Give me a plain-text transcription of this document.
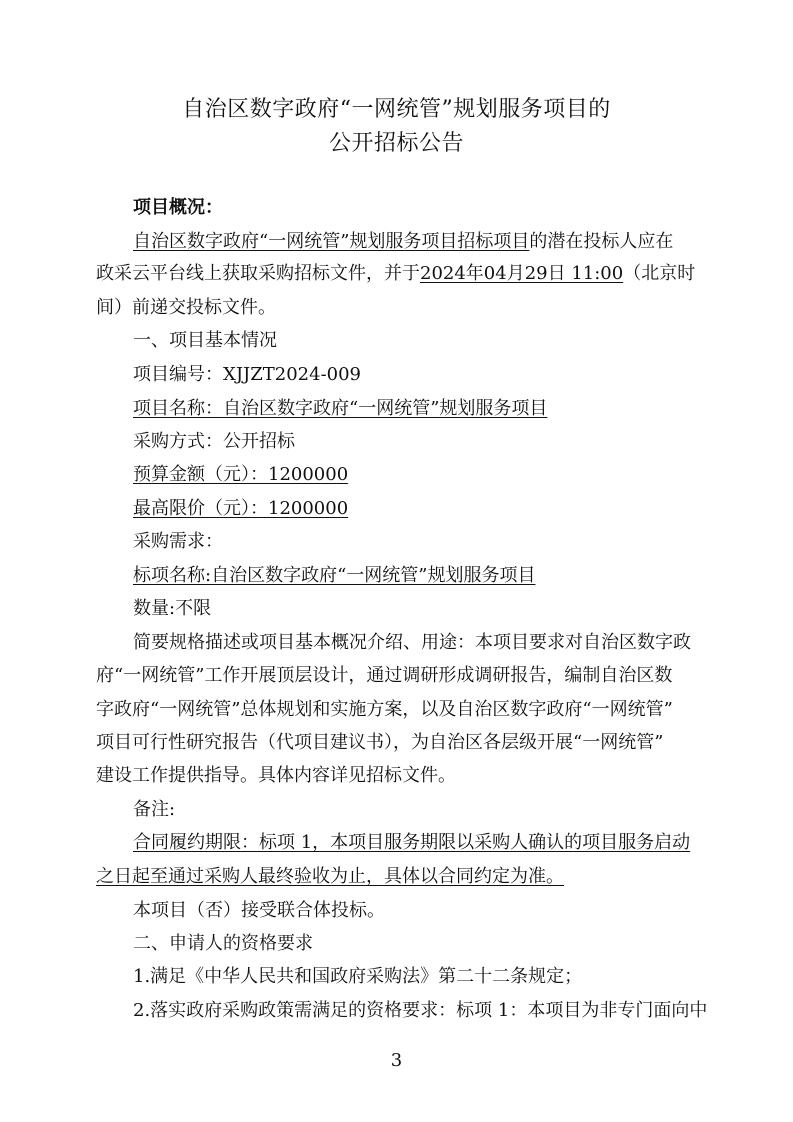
自治区数字政府“一网统管”规划服务项目的
公开招标公告
项目概况：
自治区数字政府“一网统管”规划服务项目招标项目的潜在投标人应在
政采云平台线上获取采购招标文件，并于2024年04月29日 11:00（北京时
间）前递交投标文件。
一、项目基本情况
项目编号：XJJZT2024-009
项目名称：自治区数字政府“一网统管”规划服务项目
采购方式：公开招标
预算金额（元）：1200000
最高限价（元）：1200000
采购需求：
标项名称:自治区数字政府“一网统管”规划服务项目
数量:不限
简要规格描述或项目基本概况介绍、用途：本项目要求对自治区数字政
府“一网统管”工作开展顶层设计，通过调研形成调研报告，编制自治区数
字政府“一网统管”总体规划和实施方案，以及自治区数字政府“一网统管”
项目可行性研究报告（代项目建议书），为自治区各层级开展“一网统管”
建设工作提供指导。具体内容详见招标文件。
备注:
合同履约期限：标项 1，本项目服务期限以采购人确认的项目服务启动
之日起至通过采购人最终验收为止，具体以合同约定为准。
本项目（否）接受联合体投标。
二、申请人的资格要求
1.满足《中华人民共和国政府采购法》第二十二条规定；
2.落实政府采购政策需满足的资格要求：标项 1：本项目为非专门面向中
3
